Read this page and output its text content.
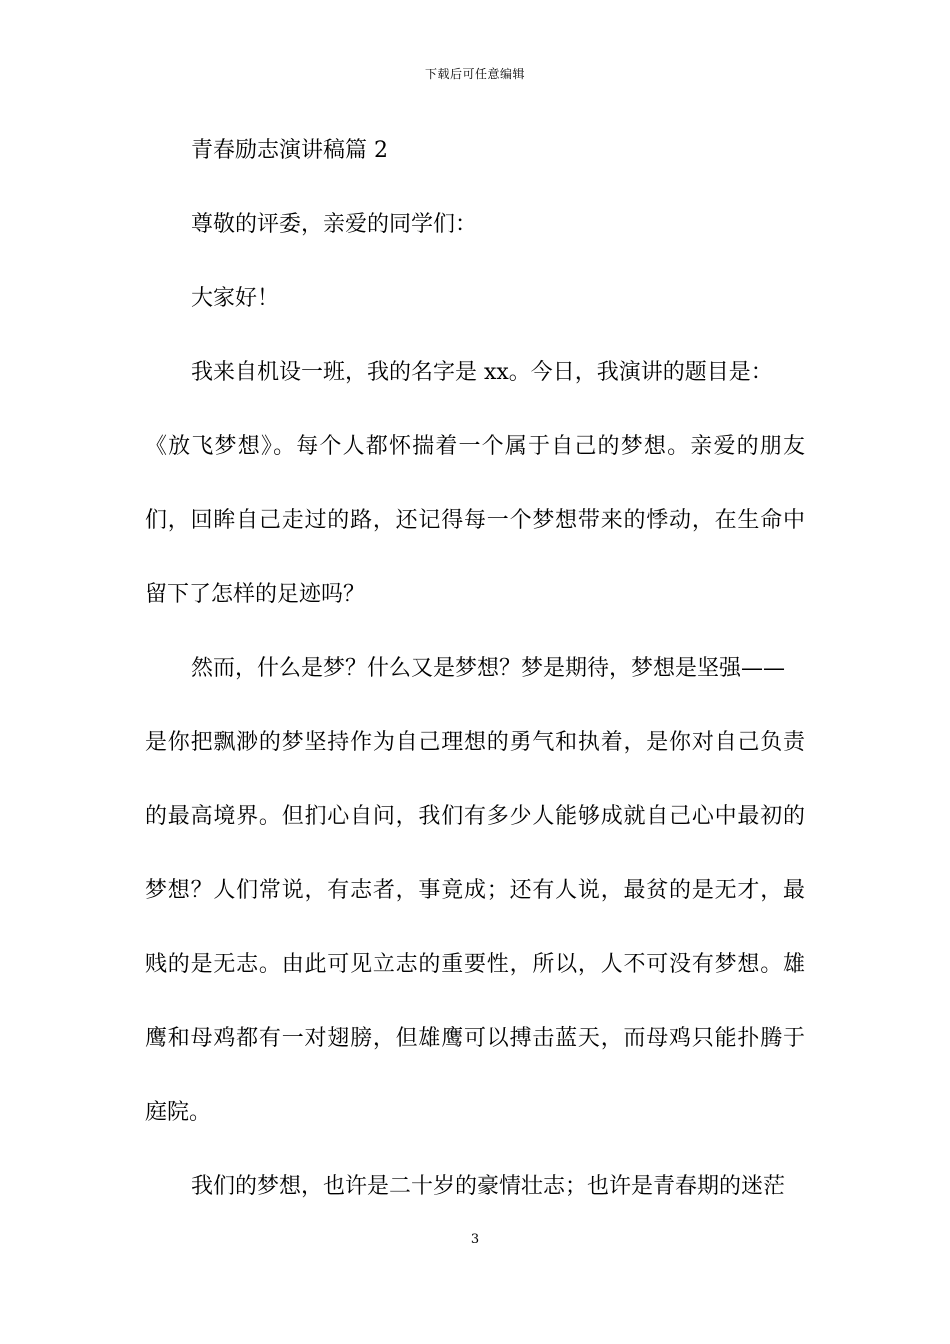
下载后可任意编辑
青春励志演讲稿篇 2
尊敬的评委，亲爱的同学们：
大家好！
我来自机设一班，我的名字是 xx。今日，我演讲的题目是：
《放飞梦想》。每个人都怀揣着一个属于自己的梦想。亲爱的朋友
们，回眸自己走过的路，还记得每一个梦想带来的悸动，在生命中
留下了怎样的足迹吗？
然而，什么是梦？什么又是梦想？梦是期待，梦想是坚强——
是你把飘渺的梦坚持作为自己理想的勇气和执着，是你对自己负责
的最高境界。但扪心自问，我们有多少人能够成就自己心中最初的
梦想？人们常说，有志者，事竟成；还有人说，最贫的是无才，最
贱的是无志。由此可见立志的重要性，所以，人不可没有梦想。雄
鹰和母鸡都有一对翅膀，但雄鹰可以搏击蓝天，而母鸡只能扑腾于
庭院。
我们的梦想，也许是二十岁的豪情壮志；也许是青春期的迷茫
3
